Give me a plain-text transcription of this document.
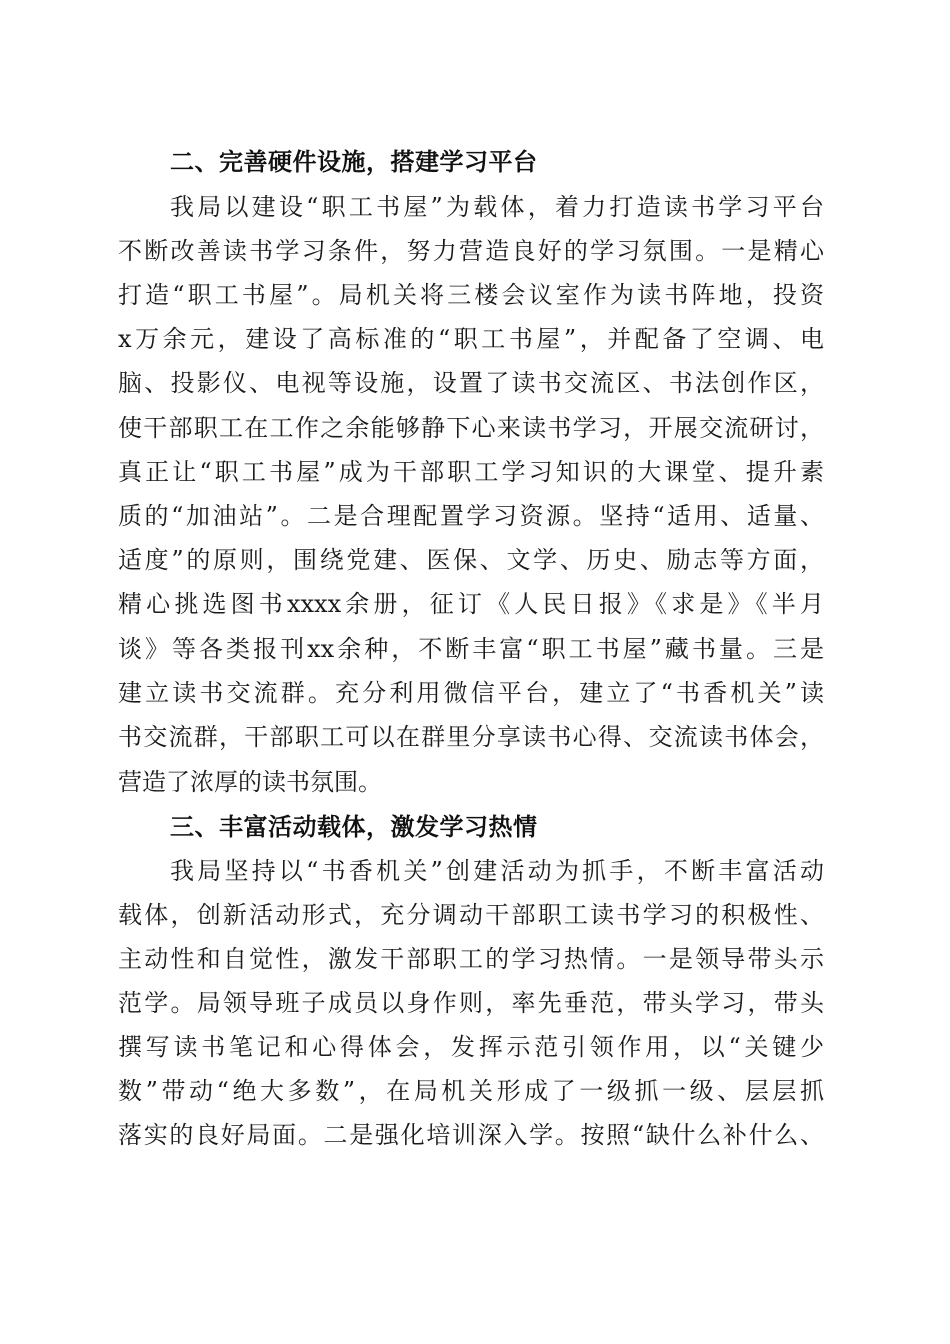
二、完善硬件设施，搭建学习平台
我局以建设“职工书屋”为载体，着力打造读书学习平台
不断改善读书学习条件，努力营造良好的学习氛围。一是精心
打造“职工书屋”。局机关将三楼会议室作为读书阵地，投资
x万余元，建设了高标准的“职工书屋”，并配备了空调、电
脑、投影仪、电视等设施，设置了读书交流区、书法创作区，
使干部职工在工作之余能够静下心来读书学习，开展交流研讨，
真正让“职工书屋”成为干部职工学习知识的大课堂、提升素
质的“加油站”。二是合理配置学习资源。坚持“适用、适量、
适度”的原则，围绕党建、医保、文学、历史、励志等方面，
精心挑选图书xxxx余册，征订《人民日报》《求是》《半月
谈》等各类报刊xx余种，不断丰富“职工书屋”藏书量。三是
建立读书交流群。充分利用微信平台，建立了“书香机关”读
书交流群，干部职工可以在群里分享读书心得、交流读书体会，
营造了浓厚的读书氛围。
三、丰富活动载体，激发学习热情
我局坚持以“书香机关”创建活动为抓手，不断丰富活动
载体，创新活动形式，充分调动干部职工读书学习的积极性、
主动性和自觉性，激发干部职工的学习热情。一是领导带头示
范学。局领导班子成员以身作则，率先垂范，带头学习，带头
撰写读书笔记和心得体会，发挥示范引领作用，以“关键少
数”带动“绝大多数”，在局机关形成了一级抓一级、层层抓
落实的良好局面。二是强化培训深入学。按照“缺什么补什么、
